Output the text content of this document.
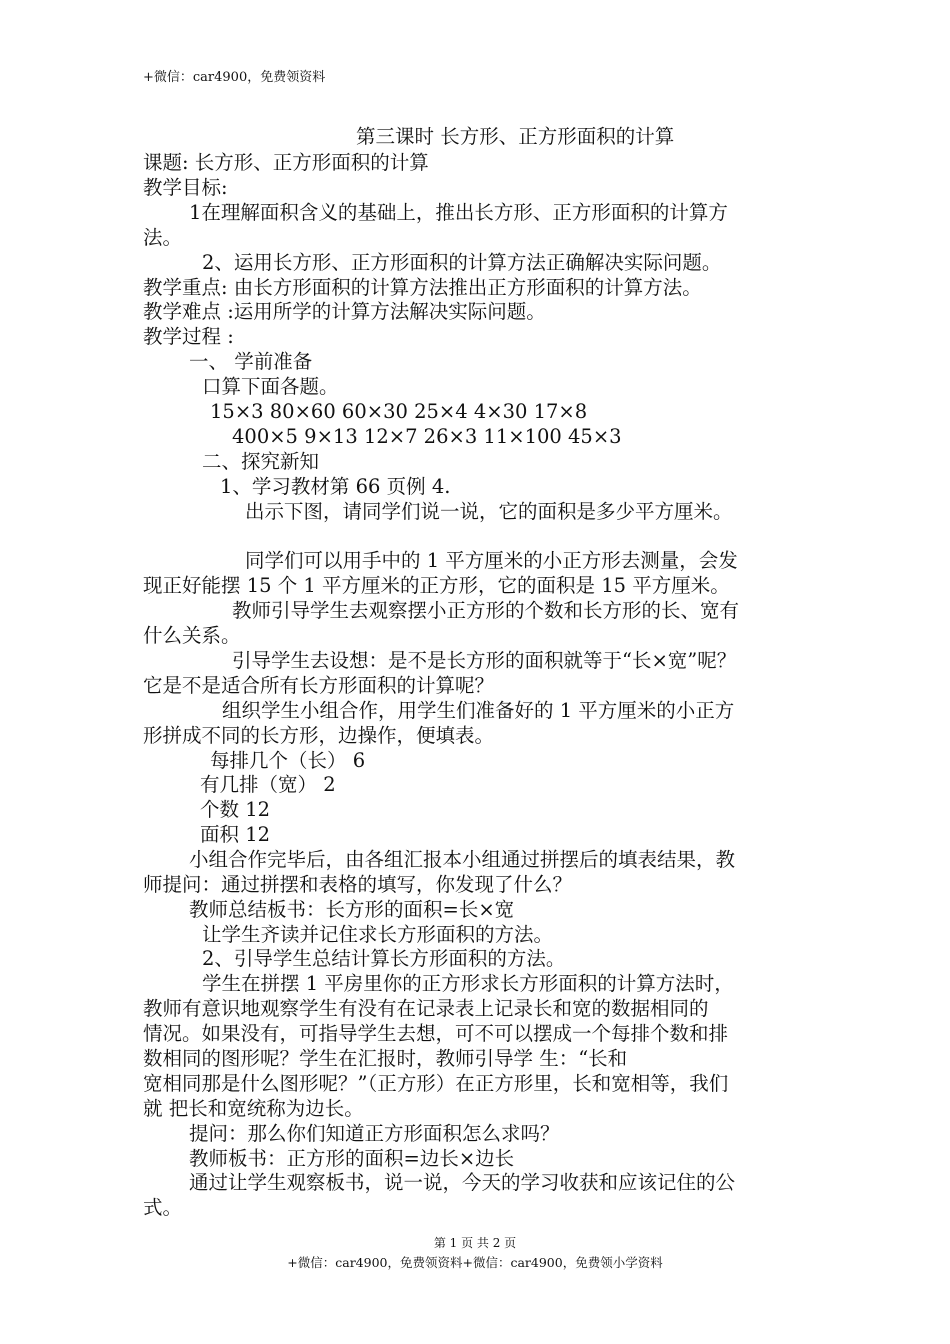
+微信：car4900，免费领资料
第三课时 长方形、正方形面积的计算
课题: 长方形、正方形面积的计算
教学目标:
1在理解面积含义的基础上，推出长方形、正方形面积的计算方
法。
2、运用长方形、正方形面积的计算方法正确解决实际问题。
教学重点: 由长方形面积的计算方法推出正方形面积的计算方法。
教学难点 :运用所学的计算方法解决实际问题。
教学过程 :
一、 学前准备
口算下面各题。
15×3 80×60 60×30 25×4 4×30 17×8
400×5 9×13 12×7 26×3 11×100 45×3
二、探究新知
1、学习教材第 66 页例 4.
出示下图，请同学们说一说，它的面积是多少平方厘米。
同学们可以用手中的 1 平方厘米的小正方形去测量，会发
现正好能摆 15 个 1 平方厘米的正方形，它的面积是 15 平方厘米。
教师引导学生去观察摆小正方形的个数和长方形的长、宽有
什么关系。
引导学生去设想：是不是长方形的面积就等于“长×宽”呢？
它是不是适合所有长方形面积的计算呢？
组织学生小组合作，用学生们准备好的 1 平方厘米的小正方
形拼成不同的长方形，边操作，便填表。
每排几个（长） 6
有几排（宽） 2
个数 12
面积 12
小组合作完毕后，由各组汇报本小组通过拼摆后的填表结果，教
师提问：通过拼摆和表格的填写，你发现了什么？
教师总结板书：长方形的面积=长×宽
让学生齐读并记住求长方形面积的方法。
2、引导学生总结计算长方形面积的方法。
学生在拼摆 1 平房里你的正方形求长方形面积的计算方法时，
教师有意识地观察学生有没有在记录表上记录长和宽的数据相同的
情况。如果没有，可指导学生去想，可不可以摆成一个每排个数和排
数相同的图形呢？学生在汇报时，教师引导学 生：“长和
宽相同那是什么图形呢？”（正方形）在正方形里，长和宽相等，我们
就 把长和宽统称为边长。
提问：那么你们知道正方形面积怎么求吗？
教师板书：正方形的面积=边长×边长
通过让学生观察板书，说一说，今天的学习收获和应该记住的公
式。
第 1 页 共 2 页
+微信：car4900，免费领资料+微信：car4900，免费领小学资料
